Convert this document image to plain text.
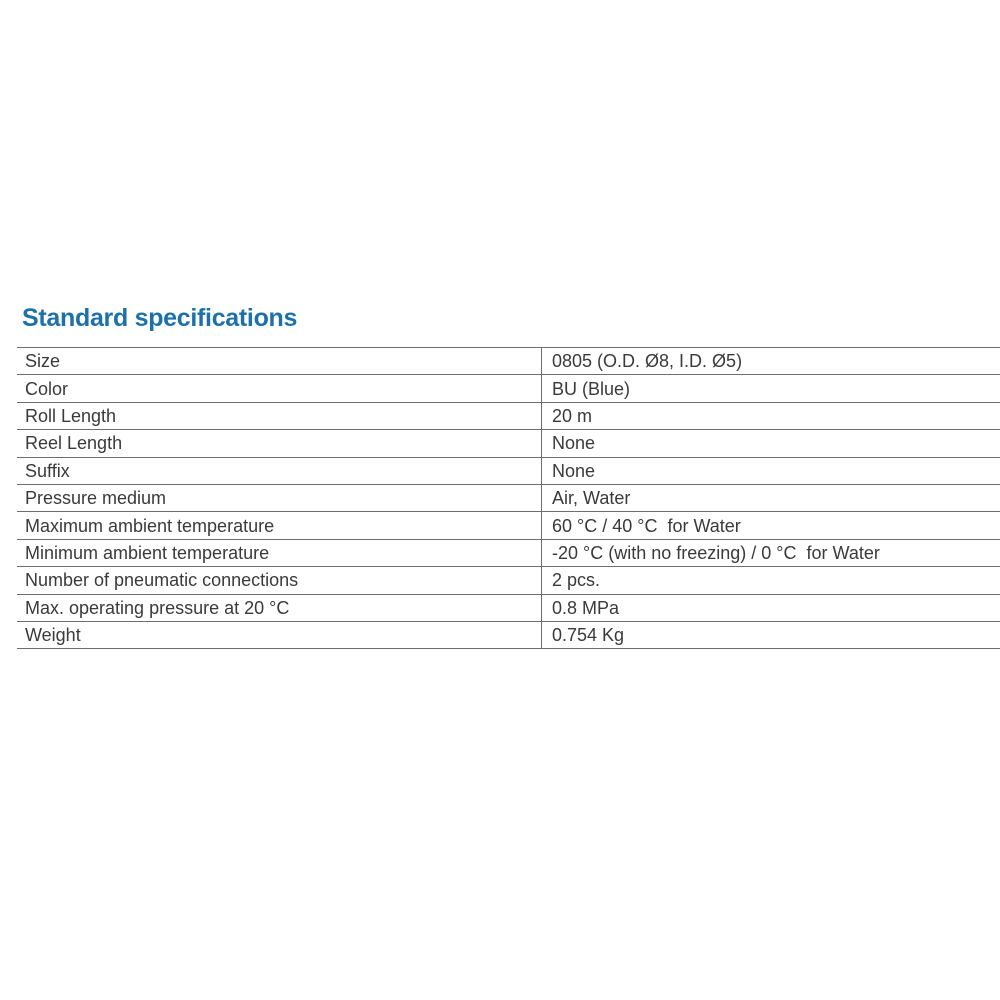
Standard specifications
Size	0805 (O.D. Ø8, I.D. Ø5)
Color	BU (Blue)
Roll Length	20 m
Reel Length	None
Suffix	None
Pressure medium	Air, Water
Maximum ambient temperature	60 °C / 40 °C  for Water
Minimum ambient temperature	-20 °C (with no freezing) / 0 °C  for Water
Number of pneumatic connections	2 pcs.
Max. operating pressure at 20 °C	0.8 MPa
Weight	0.754 Kg
